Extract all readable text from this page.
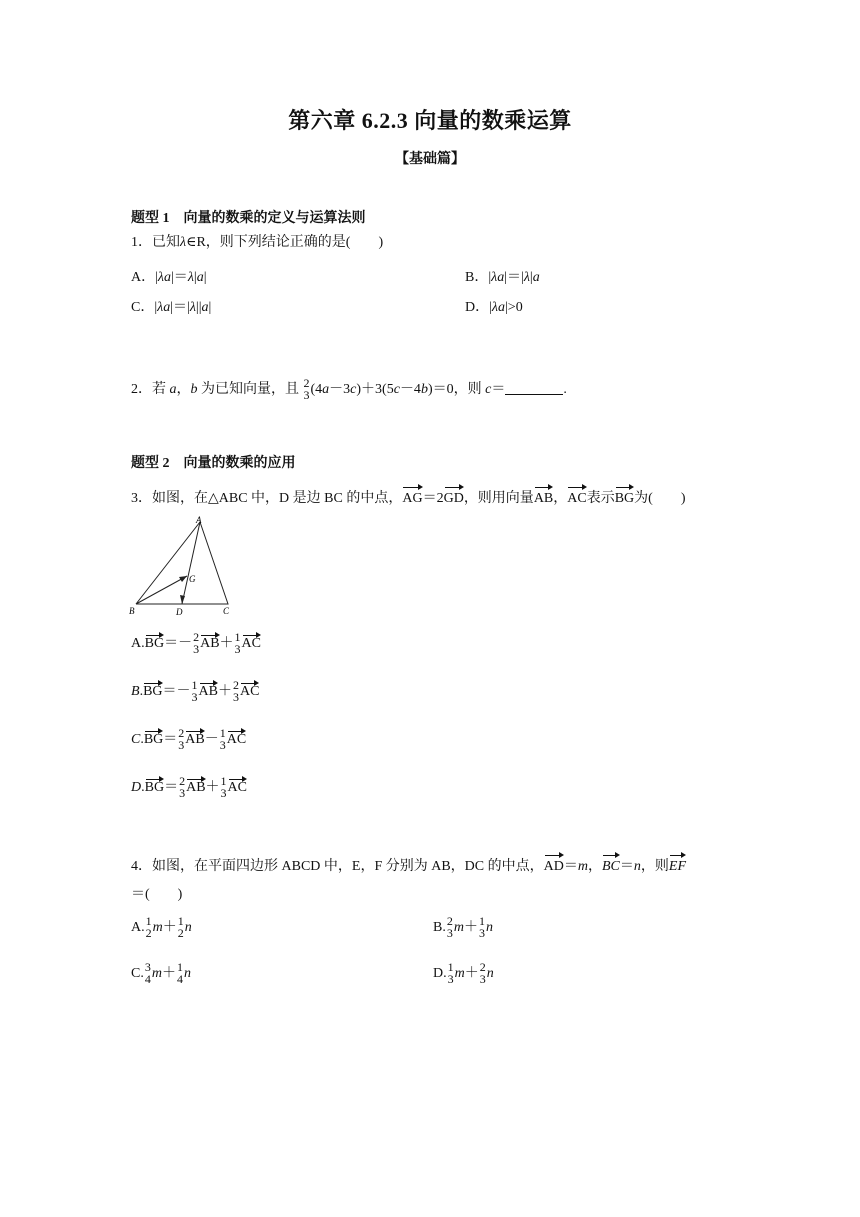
第六章 6.2.3 向量的数乘运算
【基础篇】
题型 1　向量的数乘的定义与运算法则
1．已知λ∈R，则下列结论正确的是(　　)
A．|λa|＝λ|a|	B．|λa|＝|λ|a
C．|λa|＝|λ||a|	D．|λa|>0
2．若 a，b 为已知向量，且 2
3 (4a－3c)＋3(5c－4b)＝0，则 c＝	.
题型 2　向量的数乘的应用
3．如图，在△ABC 中，D 是边 BC 的中点，AG＝2GD，则用向量AB，AC表示BG为(　　)
A
B	C
D
G
A.BG＝－ 2
3 AB＋ 1
3 AC
B.BG＝－ 1
3 AB＋ 2
3 AC
C.BG＝ 2
3 AB－ 1
3 AC
D.BG＝ 2
3 AB＋ 1
3 AC
4．如图，在平面四边形 ABCD 中，E，F 分别为 AB，DC 的中点，AD＝m，BC＝n，则EF
＝(　　)
A. 1
2 m＋ 1
2 n	B. 2
3 m＋ 1
3 n
C. 3
4 m＋ 1
4 n	D. 1
3 m＋ 2
3 n
